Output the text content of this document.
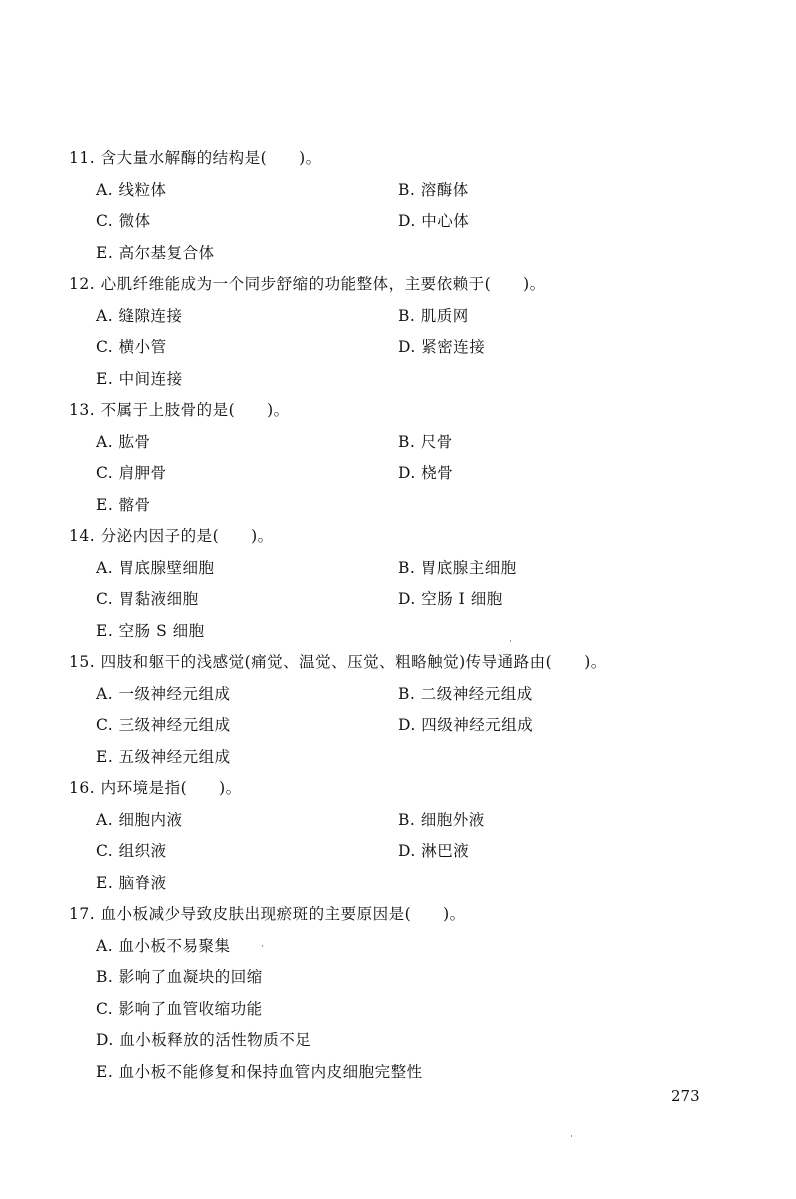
11. 含大量水解酶的结构是(　　)。
A. 线粒体	B. 溶酶体
C. 微体	D. 中心体
E. 高尔基复合体
12. 心肌纤维能成为一个同步舒缩的功能整体，主要依赖于(　　)。
A. 缝隙连接	B. 肌质网
C. 横小管	D. 紧密连接
E. 中间连接
13. 不属于上肢骨的是(　　)。
A. 肱骨	B. 尺骨
C. 肩胛骨	D. 桡骨
E. 髂骨
14. 分泌内因子的是(　　)。
A. 胃底腺壁细胞	B. 胃底腺主细胞
C. 胃黏液细胞	D. 空肠 I 细胞
E. 空肠 S 细胞
15. 四肢和躯干的浅感觉(痛觉、温觉、压觉、粗略触觉)传导通路由(　　)。
A. 一级神经元组成	B. 二级神经元组成
C. 三级神经元组成	D. 四级神经元组成
E. 五级神经元组成
16. 内环境是指(　　)。
A. 细胞内液	B. 细胞外液
C. 组织液	D. 淋巴液
E. 脑脊液
17. 血小板减少导致皮肤出现瘀斑的主要原因是(　　)。
A. 血小板不易聚集
B. 影响了血凝块的回缩
C. 影响了血管收缩功能
D. 血小板释放的活性物质不足
E. 血小板不能修复和保持血管内皮细胞完整性
273
